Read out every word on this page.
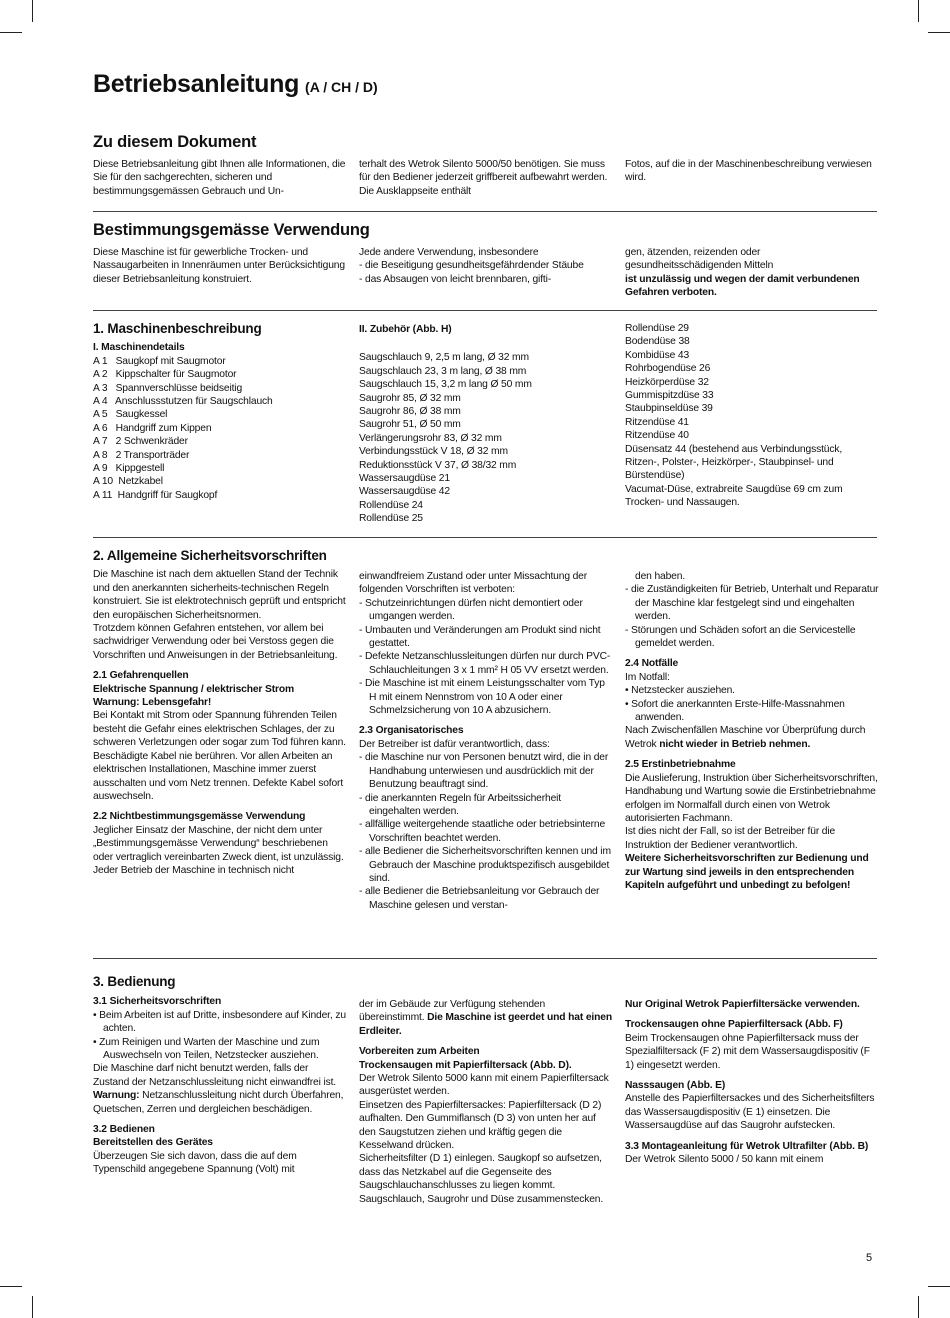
Betriebsanleitung (A / CH / D)
Zu diesem Dokument
Diese Betriebsanleitung gibt Ihnen alle Informationen, die Sie für den sachgerechten, sicheren und bestimmungsgemässen Gebrauch und Un-
terhalt des Wetrok Silento 5000/50 benötigen. Sie muss für den Bediener jederzeit griffbereit aufbewahrt werden. Die Ausklappseite enthält
Fotos, auf die in der Maschinenbeschreibung verwiesen wird.
Bestimmungsgemässe Verwendung
Diese Maschine ist für gewerbliche Trocken- und Nassaugarbeiten in Innenräumen unter Berücksichtigung dieser Betriebsanleitung konstruiert.

Jede andere Verwendung, insbesondere

- die Beseitigung gesundheitsgefährdender Stäube

- das Absaugen von leicht brennbaren, gifti-

gen, ätzenden, reizenden oder gesundheitsschädigenden Mitteln

ist unzulässig und wegen der damit verbundenen Gefahren verboten.

1. Maschinenbeschreibung

I. Maschinendetails

A 1   Saugkopf mit Saugmotor

A 2   Kippschalter für Saugmotor

A 3   Spannverschlüsse beidseitig

A 4   Anschlussstutzen für Saugschlauch

A 5   Saugkessel

A 6   Handgriff zum Kippen

A 7   2 Schwenkräder

A 8   2 Transporträder

A 9   Kippgestell

A 10  Netzkabel

A 11  Handgriff für Saugkopf

II. Zubehör (Abb. H)

Saugschlauch 9, 2,5 m lang, Ø 32 mm

Saugschlauch 23, 3 m lang, Ø 38 mm

Saugschlauch 15, 3,2 m lang Ø 50 mm

Saugrohr 85, Ø 32 mm

Saugrohr 86, Ø 38 mm

Saugrohr 51, Ø 50 mm

Verlängerungsrohr 83, Ø 32 mm

Verbindungsstück V 18, Ø 32 mm

Reduktionsstück V 37, Ø 38/32 mm

Wassersaugdüse 21

Wassersaugdüse 42

Rollendüse 24

Rollendüse 25

Rollendüse 29

Bodendüse 38

Kombidüse 43

Rohrbogendüse 26

Heizkörperdüse 32

Gummispitzdüse 33

Staubpinseldüse 39

Ritzendüse 41

Ritzendüse 40

Düsensatz 44 (bestehend aus Verbindungsstück, Ritzen-, Polster-, Heizkörper-, Staubpinsel- und Bürstendüse)

Vacumat-Düse, extrabreite Saugdüse 69 cm zum Trocken- und Nassaugen.

2. Allgemeine Sicherheitsvorschriften

Die Maschine ist nach dem aktuellen Stand der Technik und den anerkannten sicherheits-technischen Regeln konstruiert. Sie ist elektrotechnisch geprüft und entspricht den europäischen Sicherheitsnormen.

Trotzdem können Gefahren entstehen, vor allem bei sachwidriger Verwendung oder bei Verstoss gegen die Vorschriften und Anweisungen in der Betriebsanleitung.

2.1 Gefahrenquellen

Elektrische Spannung / elektrischer Strom

Warnung: Lebensgefahr!

Bei Kontakt mit Strom oder Spannung führenden Teilen besteht die Gefahr eines elektrischen Schlages, der zu schweren Verletzungen oder sogar zum Tod führen kann. Beschädigte Kabel nie berühren. Vor allen Arbeiten an elektrischen Installationen, Maschine immer zuerst ausschalten und vom Netz trennen. Defekte Kabel sofort auswechseln.

2.2 Nichtbestimmungsgemässe Verwendung

Jeglicher Einsatz der Maschine, der nicht dem unter „Bestimmungsgemässe Verwendung“ beschriebenen oder vertraglich vereinbarten Zweck dient, ist unzulässig.

Jeder Betrieb der Maschine in technisch nicht

einwandfreiem Zustand oder unter Missachtung der folgenden Vorschriften ist verboten:

- Schutzeinrichtungen dürfen nicht demontiert oder umgangen werden.

- Umbauten und Veränderungen am Produkt sind nicht gestattet.

- Defekte Netzanschlussleitungen dürfen nur durch PVC-Schlauchleitungen 3 x 1 mm² H 05 VV ersetzt werden.

- Die Maschine ist mit einem Leistungsschalter vom Typ H mit einem Nennstrom von 10 A oder einer Schmelzsicherung von 10 A abzusichern.

2.3 Organisatorisches

Der Betreiber ist dafür verantwortlich, dass:

- die Maschine nur von Personen benutzt wird, die in der Handhabung unterwiesen und ausdrücklich mit der Benutzung beauftragt sind.

- die anerkannten Regeln für Arbeitssicherheit eingehalten werden.

- allfällige weitergehende staatliche oder betriebsinterne Vorschriften beachtet werden.

- alle Bediener die Sicherheitsvorschriften kennen und im Gebrauch der Maschine produktspezifisch ausgebildet sind.

- alle Bediener die Betriebsanleitung vor Gebrauch der Maschine gelesen und verstan-

den haben.

- die Zuständigkeiten für Betrieb, Unterhalt und Reparatur der Maschine klar festgelegt sind und eingehalten werden.

- Störungen und Schäden sofort an die Servicestelle gemeldet werden.

2.4 Notfälle

Im Notfall:

• Netzstecker ausziehen.

• Sofort die anerkannten Erste-Hilfe-Massnahmen anwenden.

Nach Zwischenfällen Maschine vor Überprüfung durch Wetrok nicht wieder in Betrieb nehmen.

2.5 Erstinbetriebnahme

Die Auslieferung, Instruktion über Sicherheitsvorschriften, Handhabung und Wartung sowie die Erstinbetriebnahme erfolgen im Normalfall durch einen von Wetrok autorisierten Fachmann.

Ist dies nicht der Fall, so ist der Betreiber für die Instruktion der Bediener verantwortlich.

Weitere Sicherheitsvorschriften zur Bedienung und zur Wartung sind jeweils in den entsprechenden Kapiteln aufgeführt und unbedingt zu befolgen!

3. Bedienung

3.1 Sicherheitsvorschriften

• Beim Arbeiten ist auf Dritte, insbesondere auf Kinder, zu achten.

• Zum Reinigen und Warten der Maschine und zum Auswechseln von Teilen, Netzstecker ausziehen.

Die Maschine darf nicht benutzt werden, falls der Zustand der Netzanschlussleitung nicht einwandfrei ist.

Warnung: Netzanschlussleitung nicht durch Überfahren, Quetschen, Zerren und dergleichen beschädigen.

3.2 Bedienen

Bereitstellen des Gerätes

Überzeugen Sie sich davon, dass die auf dem Typenschild angegebene Spannung (Volt) mit

der im Gebäude zur Verfügung stehenden übereinstimmt. Die Maschine ist geerdet und hat einen Erdleiter.

Vorbereiten zum Arbeiten

Trockensaugen mit Papierfiltersack (Abb. D).

Der Wetrok Silento 5000 kann mit einem Papierfiltersack ausgerüstet werden.

Einsetzen des Papierfiltersackes: Papierfiltersack (D 2) aufhalten. Den Gummiflansch (D 3) von unten her auf den Saugstutzen ziehen und kräftig gegen die Kesselwand drücken.

Sicherheitsfilter (D 1) einlegen. Saugkopf so aufsetzen, dass das Netzkabel auf die Gegenseite des Saugschlauchanschlusses zu liegen kommt. Saugschlauch, Saugrohr und Düse zusammenstecken.

Nur Original Wetrok Papierfiltersäcke verwenden.

Trockensaugen ohne Papierfiltersack (Abb. F)

Beim Trockensaugen ohne Papierfiltersack muss der Spezialfiltersack (F 2) mit dem Wassersaugdispositiv (F 1) eingesetzt werden.

Nasssaugen (Abb. E)

Anstelle des Papierfiltersackes und des Sicherheitsfilters das Wassersaugdispositiv (E 1) einsetzen. Die Wassersaugdüse auf das Saugrohr aufstecken.

3.3 Montageanleitung für Wetrok Ultrafilter (Abb. B)

Der Wetrok Silento 5000 / 50 kann mit einem

5
